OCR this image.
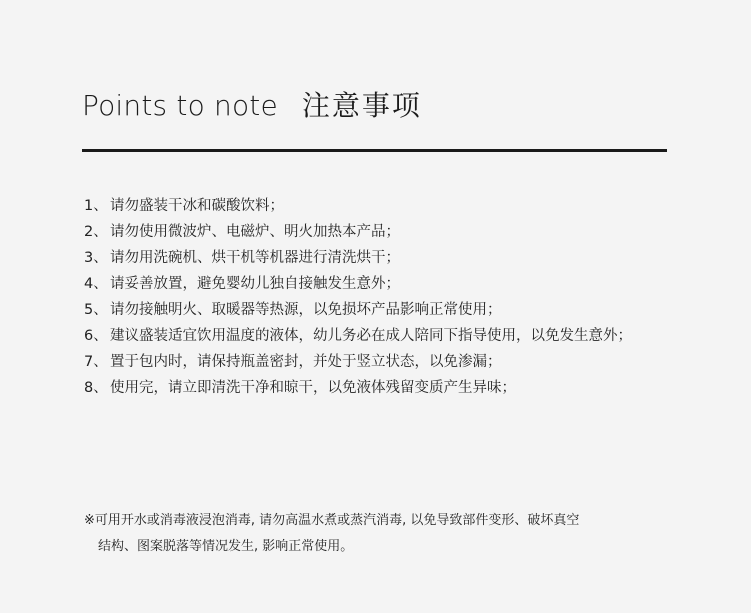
Points to note 注意事项
1、 请勿盛装干冰和碳酸饮料；
2、 请勿使用微波炉、电磁炉、明火加热本产品；
3、 请勿用洗碗机、烘干机等机器进行清洗烘干；
4、 请妥善放置，避免婴幼儿独自接触发生意外；
5、 请勿接触明火、取暖器等热源，以免损坏产品影响正常使用；
6、 建议盛装适宜饮用温度的液体，幼儿务必在成人陪同下指导使用，以免发生意外；
7、 置于包内时，请保持瓶盖密封，并处于竖立状态，以免渗漏；
8、 使用完，请立即清洗干净和晾干，以免液体残留变质产生异味；
※可用开水或消毒液浸泡消毒, 请勿高温水煮或蒸汽消毒, 以免导致部件变形、破坏真空
结构、图案脱落等情况发生, 影响正常使用。
